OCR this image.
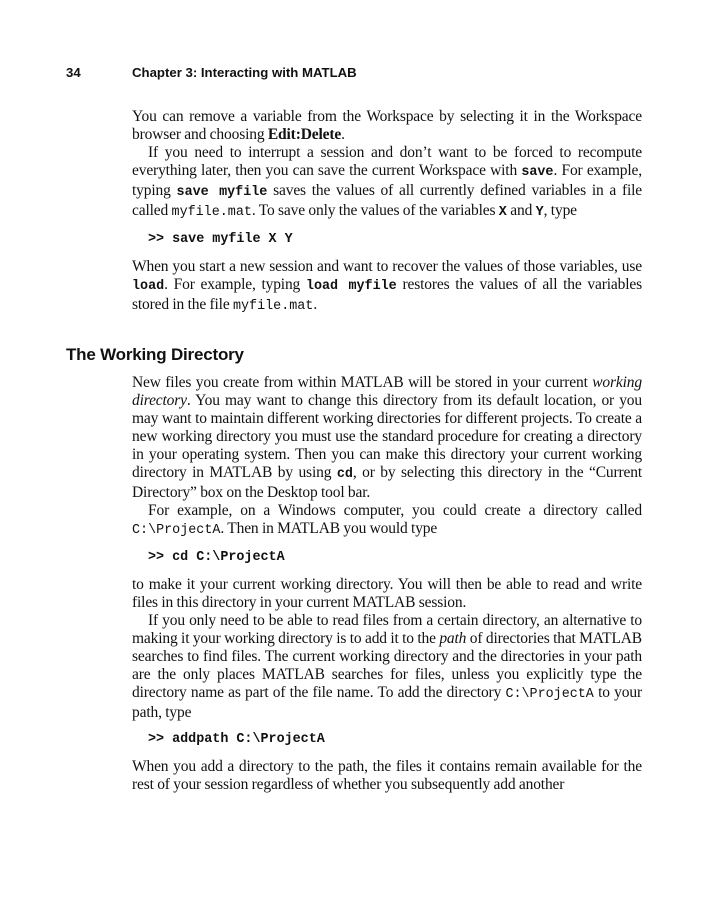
34	Chapter 3: Interacting with MATLAB

You can remove a variable from the Workspace by selecting it in the Workspace browser and choosing Edit:Delete.

If you need to interrupt a session and don’t want to be forced to recompute everything later, then you can save the current Workspace with save. For example, typing save myfile saves the values of all currently defined variables in a file called myfile.mat. To save only the values of the variables X and Y, type

>> save myfile X Y

When you start a new session and want to recover the values of those variables, use load. For example, typing load myfile restores the values of all the variables stored in the file myfile.mat.

The Working Directory

New files you create from within MATLAB will be stored in your current working directory. You may want to change this directory from its default location, or you may want to maintain different working directories for different projects. To create a new working directory you must use the standard procedure for creating a directory in your operating system. Then you can make this directory your current working directory in MATLAB by using cd, or by selecting this directory in the “Current Directory” box on the Desktop tool bar.

For example, on a Windows computer, you could create a directory called C:\ProjectA. Then in MATLAB you would type

>> cd C:\ProjectA

to make it your current working directory. You will then be able to read and write files in this directory in your current MATLAB session.

If you only need to be able to read files from a certain directory, an alternative to making it your working directory is to add it to the path of directories that MATLAB searches to find files. The current working directory and the directories in your path are the only places MATLAB searches for files, unless you explicitly type the directory name as part of the file name. To add the directory C:\ProjectA to your path, type

>> addpath C:\ProjectA

When you add a directory to the path, the files it contains remain available for the rest of your session regardless of whether you subsequently add another
